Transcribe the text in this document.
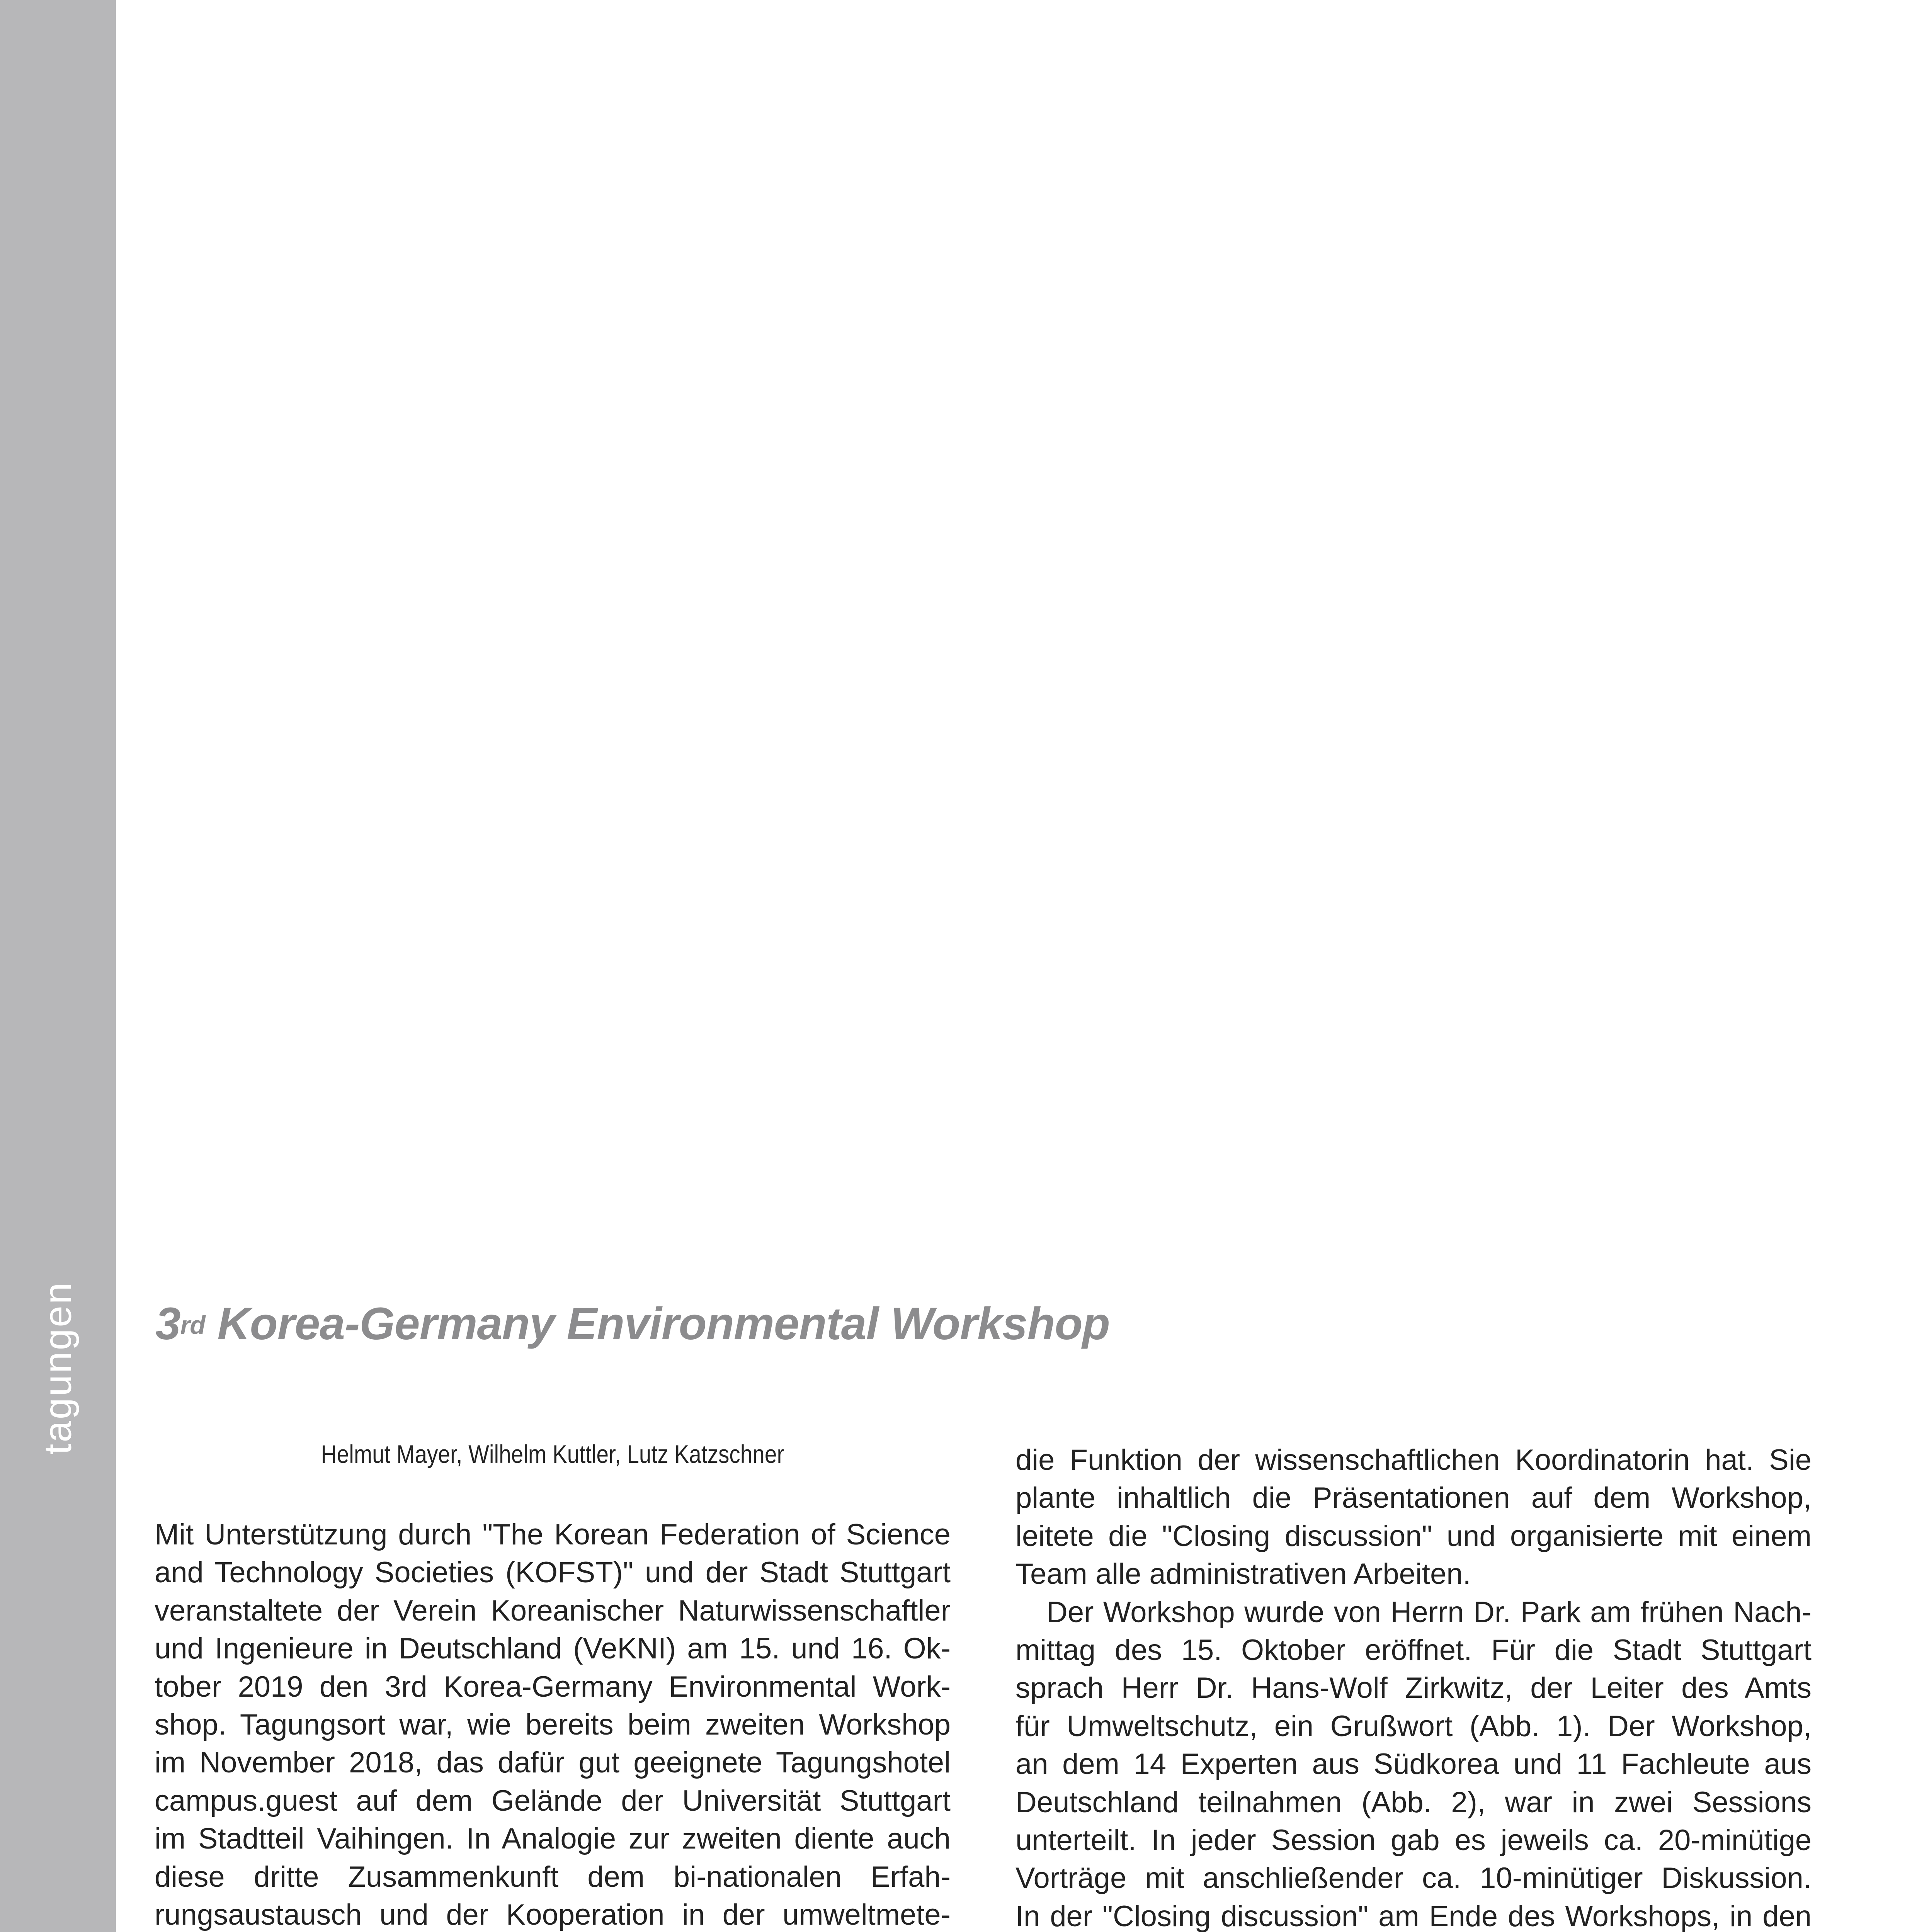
tagungen 3rd Korea-Germany Environmental Workshop
Helmut Mayer, Wilhelm Kuttler, Lutz Katzschner
Mit Unterstützung durch "The Korean Federation of Science
and Technology Societies (KOFST)" und der Stadt Stuttgart
veranstaltete der Verein Koreanischer Naturwissenschaftler
und Ingenieure in Deutschland (VeKNI) am 15. und 16. Ok-
tober 2019 den 3rd Korea-Germany Environmental Work-
shop. Tagungsort war, wie bereits beim zweiten Workshop
im November 2018, das dafür gut geeignete Tagungshotel
campus.guest auf dem Gelände der Universität Stuttgart
im Stadtteil Vaihingen. In Analogie zur zweiten diente auch
diese dritte Zusammenkunft dem bi-nationalen Erfah-
rungsaustausch und der Kooperation in der umweltmete-
die Funktion der wissenschaftlichen Koordinatorin hat. Sie
plante inhaltlich die Präsentationen auf dem Workshop,
leitete die "Closing discussion" und organisierte mit einem
Team alle administrativen Arbeiten.
Der Workshop wurde von Herrn Dr. Park am frühen Nach-
mittag des 15. Oktober eröffnet. Für die Stadt Stuttgart
sprach Herr Dr. Hans-Wolf Zirkwitz, der Leiter des Amts
für Umweltschutz, ein Grußwort (Abb. 1). Der Workshop,
an dem 14 Experten aus Südkorea und 11 Fachleute aus
Deutschland teilnahmen (Abb. 2), war in zwei Sessions
unterteilt. In jeder Session gab es jeweils ca. 20-minütige
Vorträge mit anschließender ca. 10-minütiger Diskussion.
In der "Closing discussion" am Ende des Workshops, in den
